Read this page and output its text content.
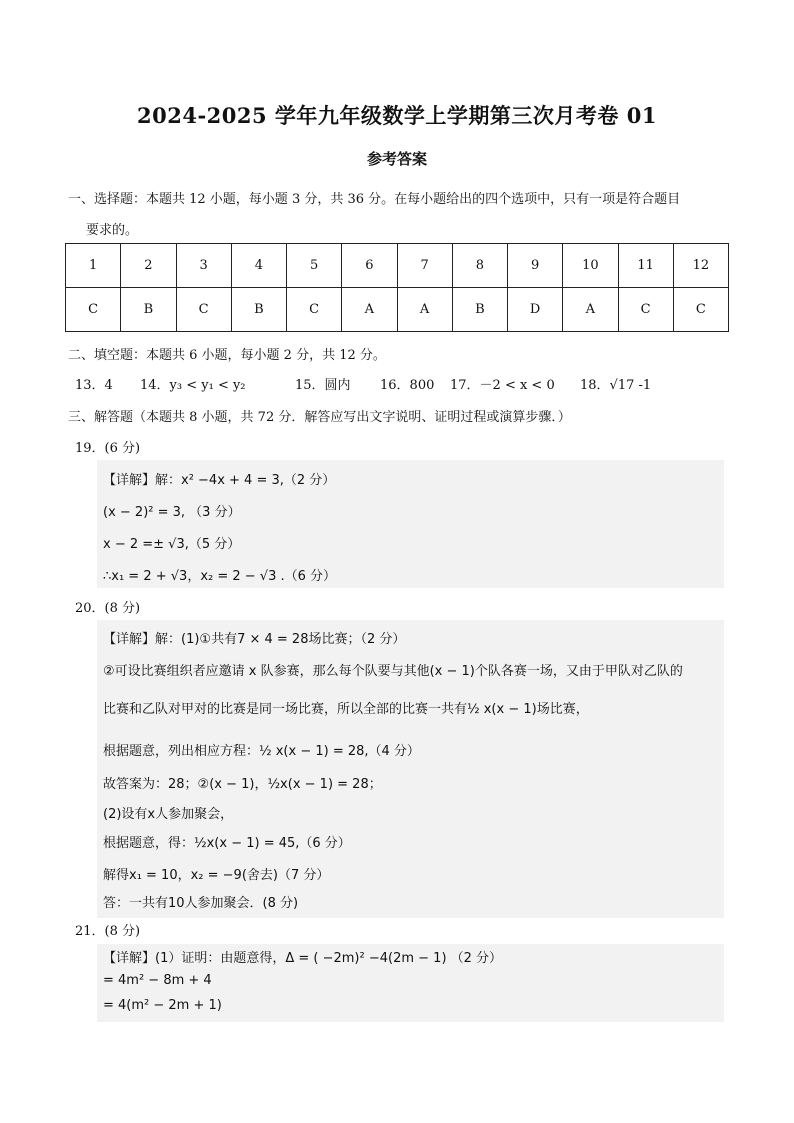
2024-2025 学年九年级数学上学期第三次月考卷 01
参考答案
一、选择题：本题共 12 小题，每小题 3 分，共 36 分。在每小题给出的四个选项中，只有一项是符合题目
要求的。
1	2	3	4	5	6	7	8	9	10	11	12
C	B	C	B	C	A	A	B	D	A	C	C
二、填空题：本题共 6 小题，每小题 2 分，共 12 分。
13．4 14．y₃ < y₁ < y₂	15．圆内 16．800 17．－2 < x < 0 18．√17 -1
三、解答题（本题共 8 小题，共 72 分．解答应写出文字说明、证明过程或演算步骤．）
19．(6 分)
【详解】解：x² −4x + 4 = 3,（2 分）
(x − 2)² = 3, （3 分）
x − 2 =± √3,（5 分）
∴x₁ = 2 + √3，x₂ = 2 − √3 .（6 分）
20．(8 分)
【详解】解：(1)①共有7 × 4 = 28场比赛；（2 分）
②可设比赛组织者应邀请 x 队参赛，那么每个队要与其他(x − 1)个队各赛一场，又由于甲队对乙队的
比赛和乙队对甲对的比赛是同一场比赛，所以全部的比赛一共有½ x(x − 1)场比赛，
根据题意，列出相应方程：½ x(x − 1) = 28,（4 分）
故答案为：28；②(x − 1)，½x(x − 1) = 28；
(2)设有x人参加聚会，
根据题意，得：½x(x − 1) = 45,（6 分）
解得x₁ = 10，x₂ = −9(舍去)（7 分）
答：一共有10人参加聚会．(8 分)
21．(8 分)
【详解】(1）证明：由题意得，Δ = ( −2m)² −4(2m − 1) （2 分）
= 4m² − 8m + 4
= 4(m² − 2m + 1)
